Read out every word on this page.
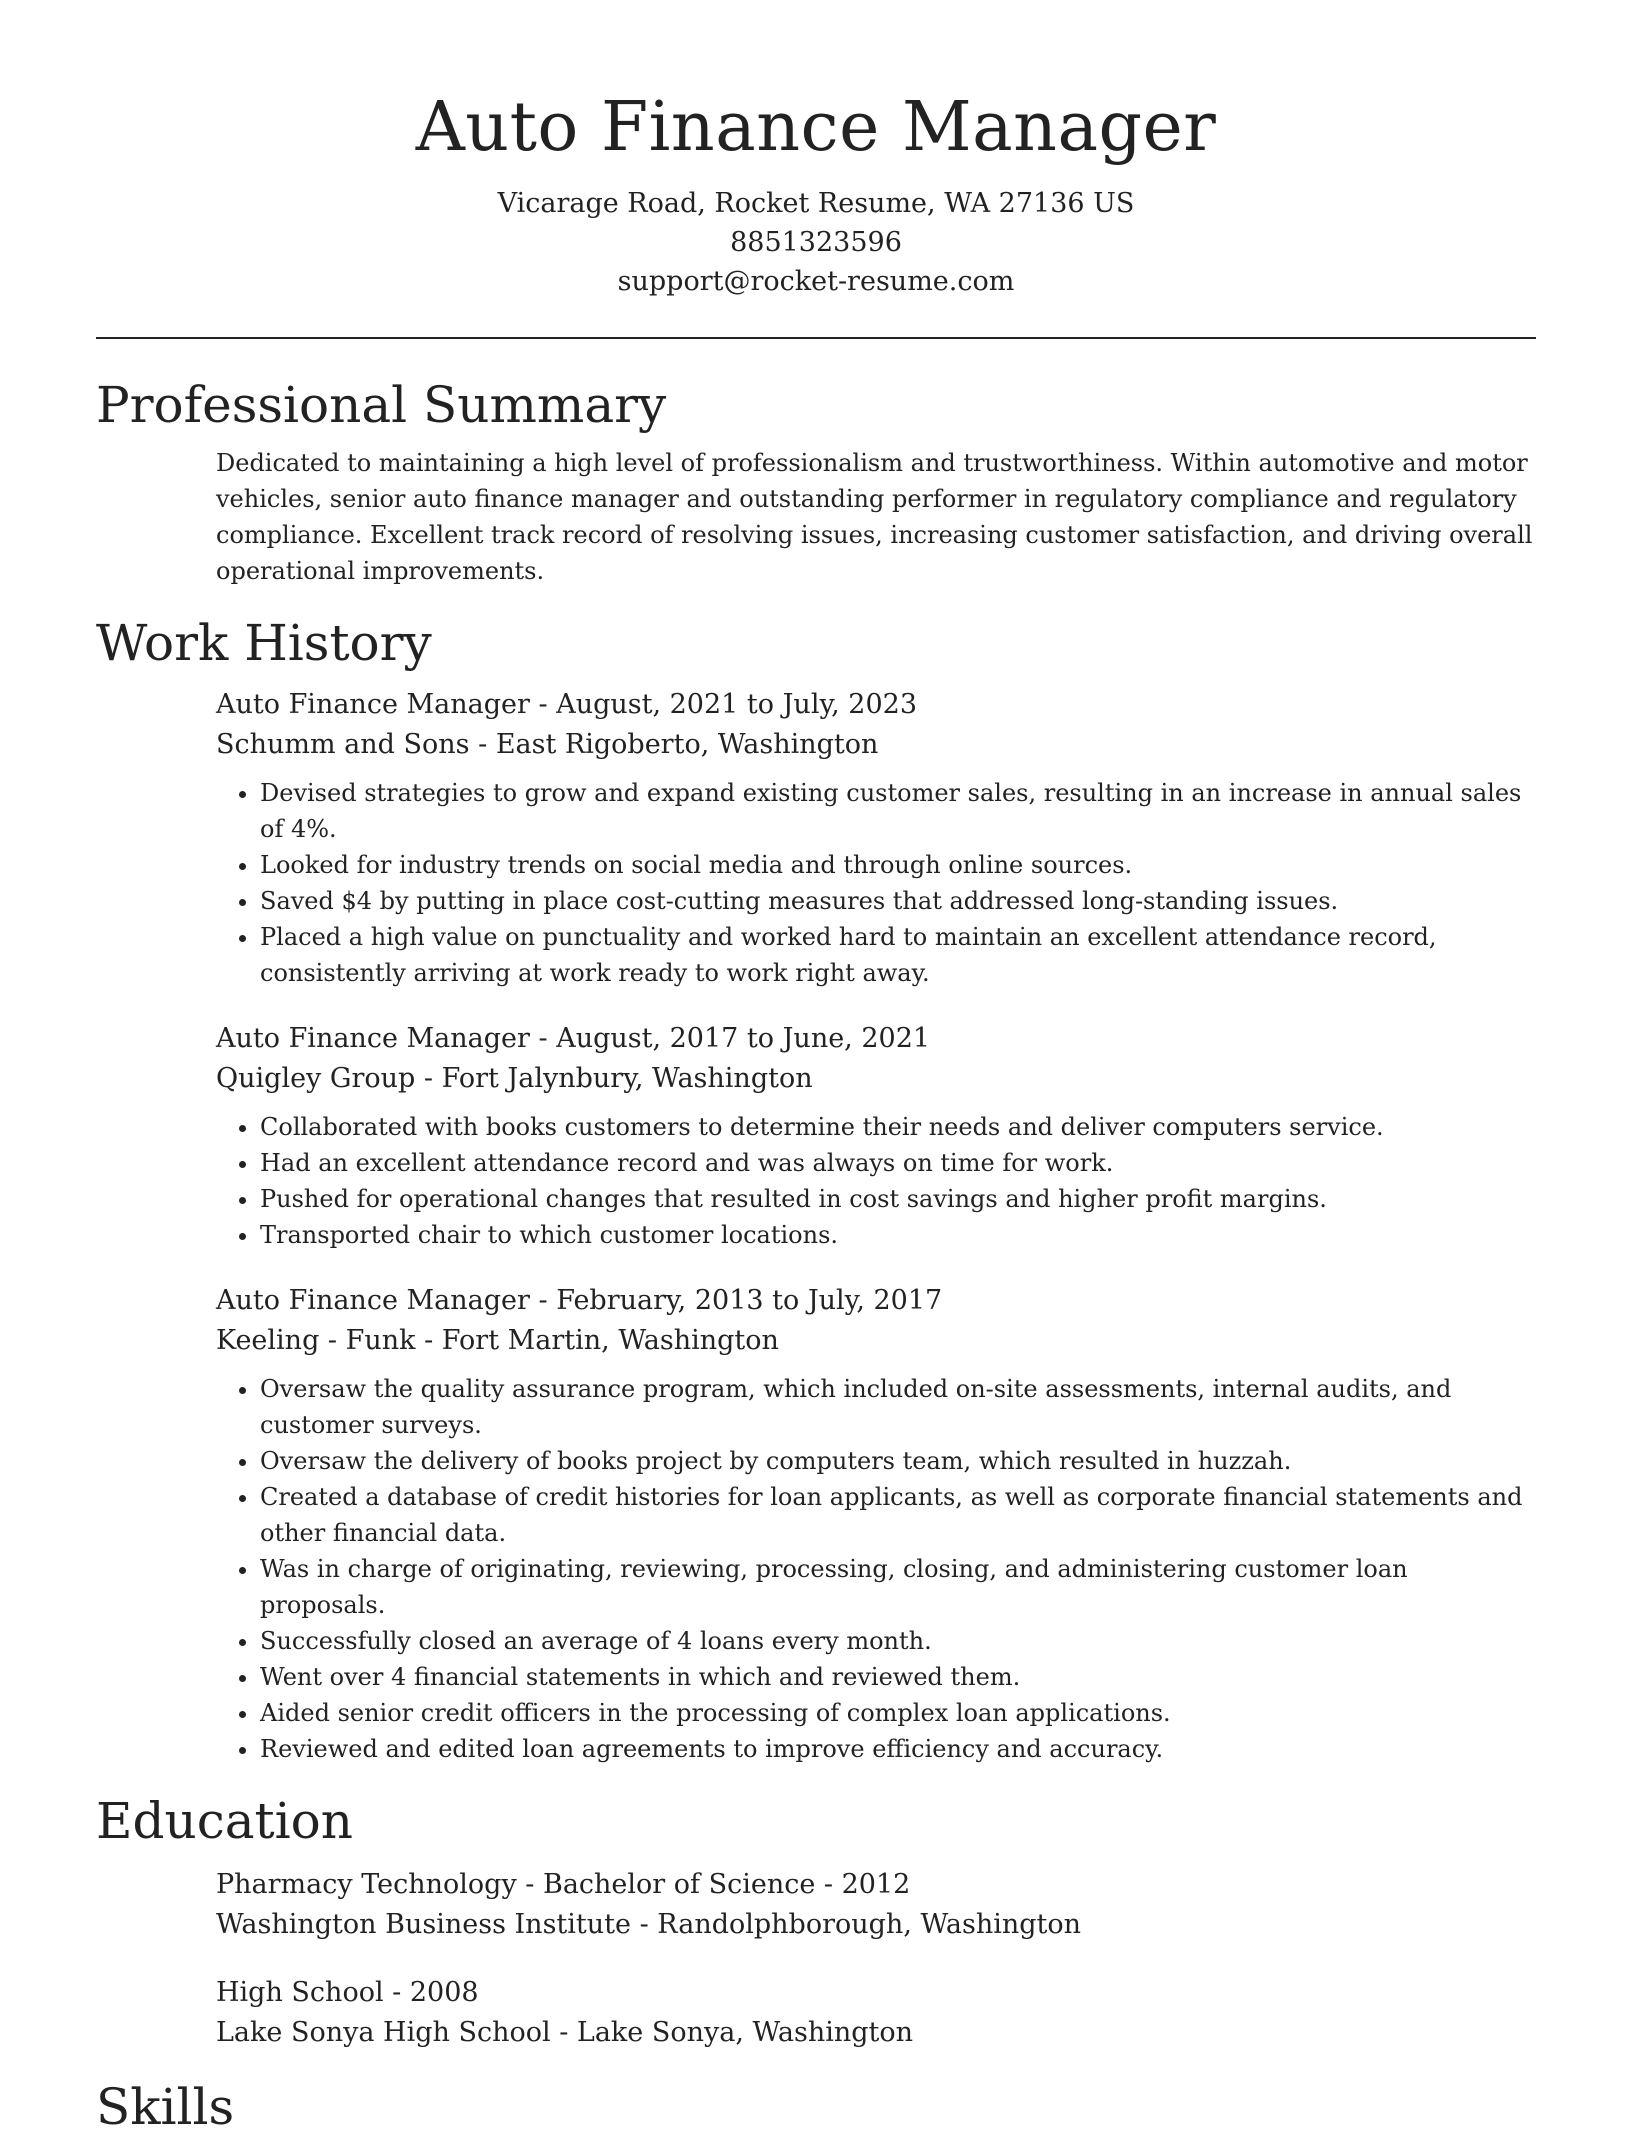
Auto Finance Manager
Vicarage Road, Rocket Resume, WA 27136 US
8851323596
support@rocket-resume.com
Professional Summary
Dedicated to maintaining a high level of professionalism and trustworthiness. Within automotive and motor vehicles, senior auto finance manager and outstanding performer in regulatory compliance and regulatory compliance. Excellent track record of resolving issues, increasing customer satisfaction, and driving overall operational improvements.
Work History
Auto Finance Manager - August, 2021 to July, 2023
Schumm and Sons - East Rigoberto, Washington
• Devised strategies to grow and expand existing customer sales, resulting in an increase in annual sales of 4%.
• Looked for industry trends on social media and through online sources.
• Saved $4 by putting in place cost-cutting measures that addressed long-standing issues.
• Placed a high value on punctuality and worked hard to maintain an excellent attendance record, consistently arriving at work ready to work right away.
Auto Finance Manager - August, 2017 to June, 2021
Quigley Group - Fort Jalynbury, Washington
• Collaborated with books customers to determine their needs and deliver computers service.
• Had an excellent attendance record and was always on time for work.
• Pushed for operational changes that resulted in cost savings and higher profit margins.
• Transported chair to which customer locations.
Auto Finance Manager - February, 2013 to July, 2017
Keeling - Funk - Fort Martin, Washington
• Oversaw the quality assurance program, which included on-site assessments, internal audits, and customer surveys.
• Oversaw the delivery of books project by computers team, which resulted in huzzah.
• Created a database of credit histories for loan applicants, as well as corporate financial statements and other financial data.
• Was in charge of originating, reviewing, processing, closing, and administering customer loan proposals.
• Successfully closed an average of 4 loans every month.
• Went over 4 financial statements in which and reviewed them.
• Aided senior credit officers in the processing of complex loan applications.
• Reviewed and edited loan agreements to improve efficiency and accuracy.
Education
Pharmacy Technology - Bachelor of Science - 2012
Washington Business Institute - Randolphborough, Washington
High School - 2008
Lake Sonya High School - Lake Sonya, Washington
Skills
